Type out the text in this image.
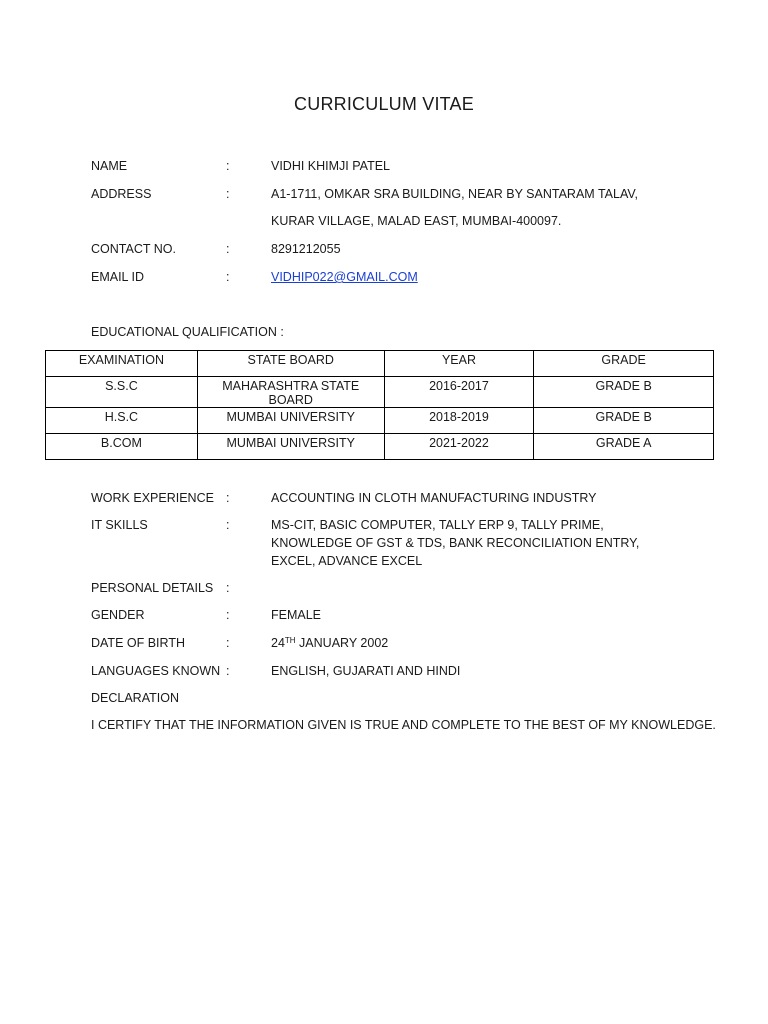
CURRICULUM VITAE
NAME	:	VIDHI KHIMJI PATEL
ADDRESS	:	A1-1711, OMKAR SRA BUILDING, NEAR BY SANTARAM TALAV,
KURAR VILLAGE, MALAD EAST, MUMBAI-400097.
CONTACT NO.	:	8291212055
EMAIL ID	:	VIDHIP022@GMAIL.COM
EDUCATIONAL QUALIFICATION :
EXAMINATION	STATE BOARD	YEAR	GRADE
S.S.C	MAHARASHTRA STATE BOARD	2016-2017	GRADE B
H.S.C	MUMBAI UNIVERSITY	2018-2019	GRADE B
B.COM	MUMBAI UNIVERSITY	2021-2022	GRADE A
WORK EXPERIENCE :	ACCOUNTING IN CLOTH MANUFACTURING INDUSTRY
IT SKILLS	:	MS-CIT, BASIC COMPUTER, TALLY ERP 9, TALLY PRIME,
KNOWLEDGE OF GST & TDS, BANK RECONCILIATION ENTRY,
EXCEL, ADVANCE EXCEL
PERSONAL DETAILS :
GENDER	:	FEMALE
DATE OF BIRTH	:	24TH JANUARY 2002
LANGUAGES KNOWN :	ENGLISH, GUJARATI AND HINDI
DECLARATION
I CERTIFY THAT THE INFORMATION GIVEN IS TRUE AND COMPLETE TO THE BEST OF MY KNOWLEDGE.
